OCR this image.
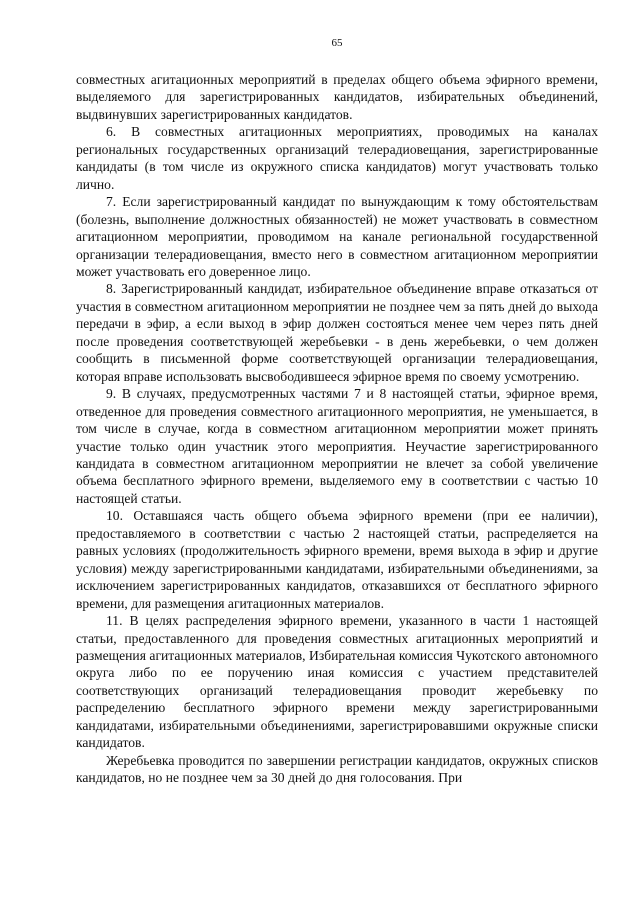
65

совместных агитационных мероприятий в пределах общего объема эфирного времени, выделяемого для зарегистрированных кандидатов, избирательных объединений, выдвинувших зарегистрированных кандидатов.

6. В совместных агитационных мероприятиях, проводимых на каналах региональных государственных организаций телерадиовещания, зарегистрированные кандидаты (в том числе из окружного списка кандидатов) могут участвовать только лично.

7. Если зарегистрированный кандидат по вынуждающим к тому обстоятельствам (болезнь, выполнение должностных обязанностей) не может участвовать в совместном агитационном мероприятии, проводимом на канале региональной государственной организации телерадиовещания, вместо него в совместном агитационном мероприятии может участвовать его доверенное лицо.

8. Зарегистрированный кандидат, избирательное объединение вправе отказаться от участия в совместном агитационном мероприятии не позднее чем за пять дней до выхода передачи в эфир, а если выход в эфир должен состояться менее чем через пять дней после проведения соответствующей жеребьевки - в день жеребьевки, о чем должен сообщить в письменной форме соответствующей организации телерадиовещания, которая вправе использовать высвободившееся эфирное время по своему усмотрению.

9. В случаях, предусмотренных частями 7 и 8 настоящей статьи, эфирное время, отведенное для проведения совместного агитационного мероприятия, не уменьшается, в том числе в случае, когда в совместном агитационном мероприятии может принять участие только один участник этого мероприятия. Неучастие зарегистрированного кандидата в совместном агитационном мероприятии не влечет за собой увеличение объема бесплатного эфирного времени, выделяемого ему в соответствии с частью 10 настоящей статьи.

10. Оставшаяся часть общего объема эфирного времени (при ее наличии), предоставляемого в соответствии с частью 2 настоящей статьи, распределяется на равных условиях (продолжительность эфирного времени, время выхода в эфир и другие условия) между зарегистрированными кандидатами, избирательными объединениями, за исключением зарегистрированных кандидатов, отказавшихся от бесплатного эфирного времени, для размещения агитационных материалов.

11. В целях распределения эфирного времени, указанного в части 1 настоящей статьи, предоставленного для проведения совместных агитационных мероприятий и размещения агитационных материалов, Избирательная комиссия Чукотского автономного округа либо по ее поручению иная комиссия с участием представителей соответствующих организаций телерадиовещания проводит жеребьевку по распределению бесплатного эфирного времени между зарегистрированными кандидатами, избирательными объединениями, зарегистрировавшими окружные списки кандидатов.

Жеребьевка проводится по завершении регистрации кандидатов, окружных списков кандидатов, но не позднее чем за 30 дней до дня голосования. При
